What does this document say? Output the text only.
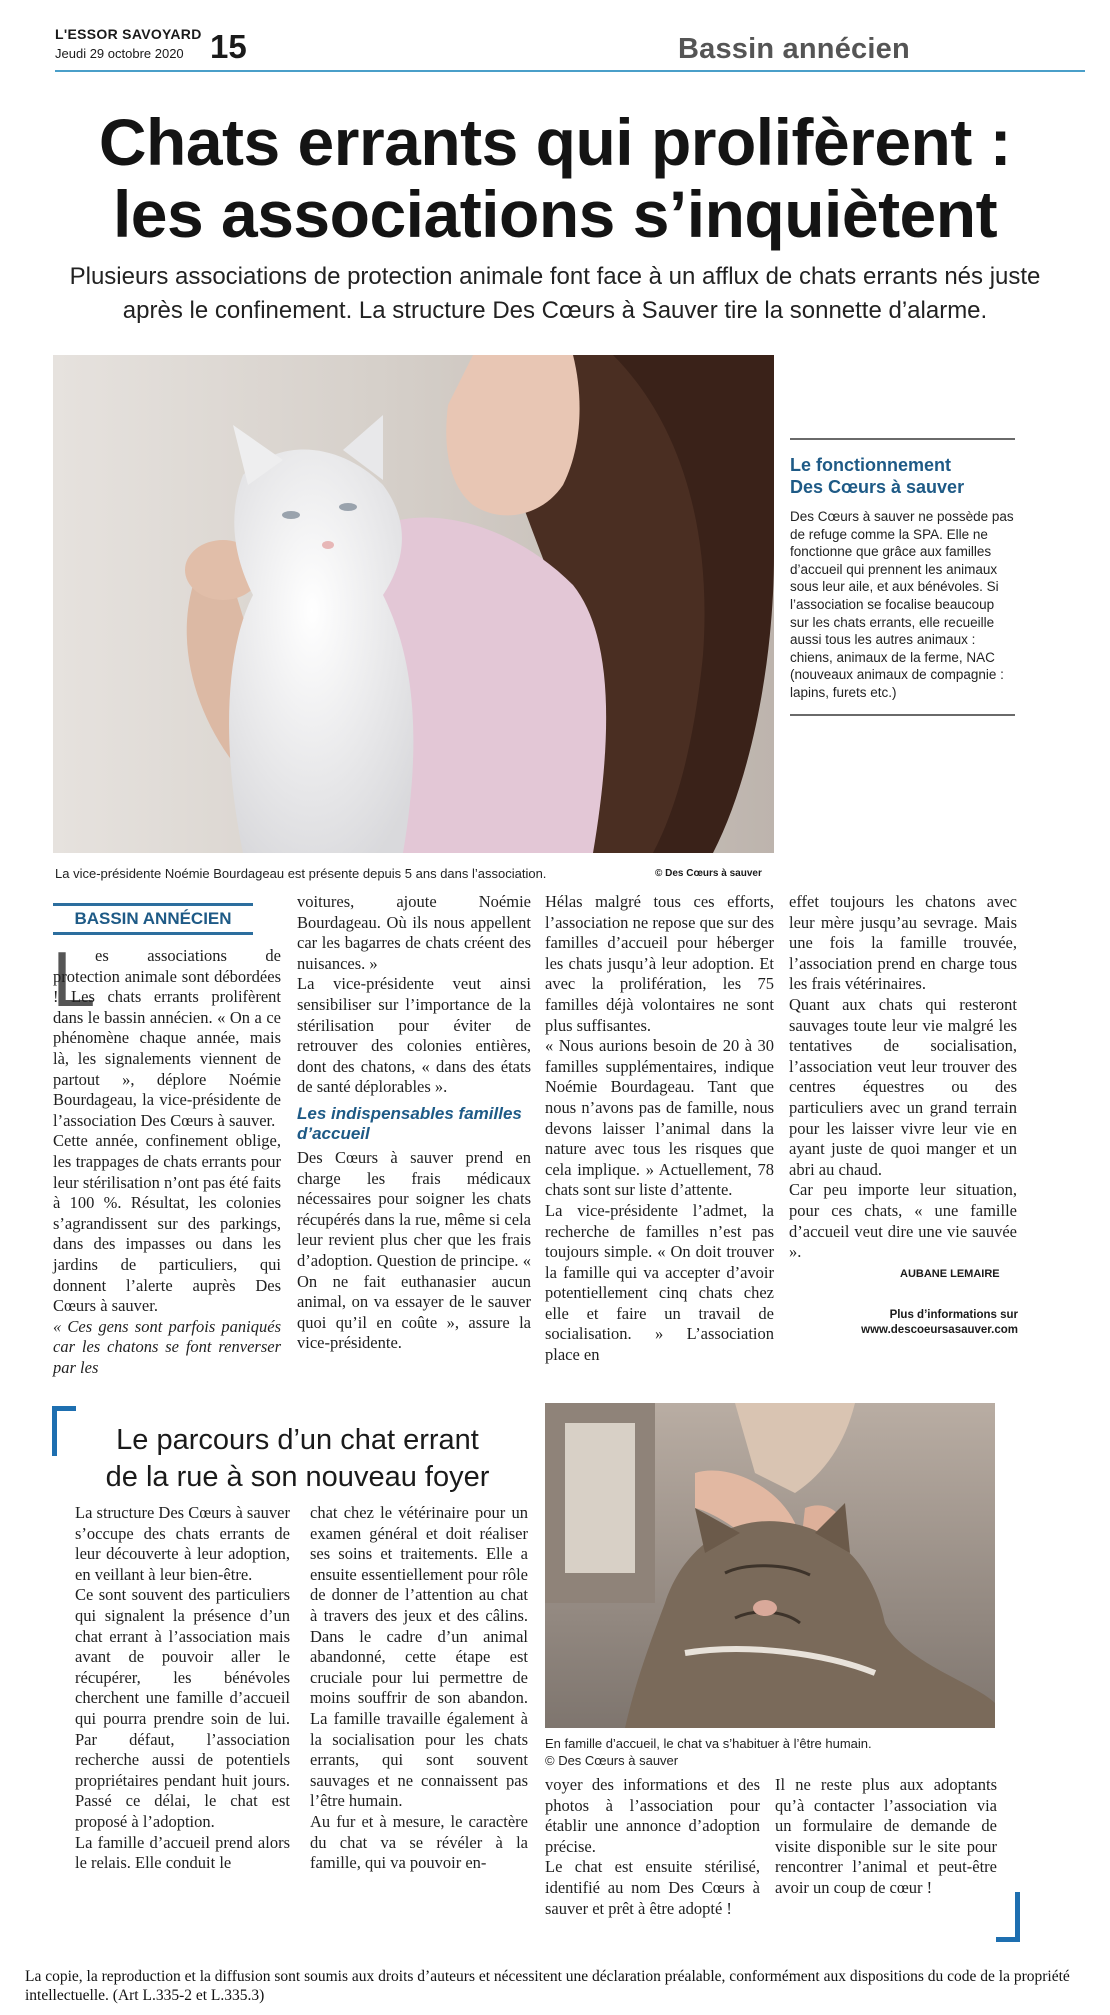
L'ESSOR SAVOYARD
Jeudi 29 octobre 2020 15	Bassin annécien
Chats errants qui prolifèrent :
les associations s’inquiètent
Plusieurs associations de protection animale font face à un afflux de chats errants nés juste après le confinement. La structure Des Cœurs à Sauver tire la sonnette d’alarme.
La vice-présidente Noémie Bourdageau est présente depuis 5 ans dans l’association.	© Des Cœurs à sauver
Le fonctionnement
Des Cœurs à sauver
Des Cœurs à sauver ne possède pas de refuge comme la SPA. Elle ne fonctionne que grâce aux familles d’accueil qui prennent les animaux sous leur aile, et aux bénévoles. Si l’association se focalise beaucoup sur les chats errants, elle recueille aussi tous les autres animaux : chiens, animaux de la ferme, NAC (nouveaux animaux de compagnie : lapins, furets etc.)
BASSIN ANNÉCIEN
L es associations de protection animale sont débordées ! Les chats errants prolifèrent dans le bassin annécien. « On a ce phénomène chaque année, mais là, les signalements viennent de partout », déplore Noémie Bourdageau, la vice-présidente de l’association Des Cœurs à sauver.

Cette année, confinement oblige, les trappages de chats errants pour leur stérilisation n’ont pas été faits à 100 %. Résultat, les colonies s’agrandissent sur des parkings, dans des impasses ou dans les jardins de particuliers, qui donnent l’alerte auprès Des Cœurs à sauver.

« Ces gens sont parfois paniqués car les chatons se font renverser par les

voitures, ajoute Noémie Bourdageau. Où ils nous appellent car les bagarres de chats créent des nuisances. »

La vice-présidente veut ainsi sensibiliser sur l’importance de la stérilisation pour éviter de retrouver des colonies entières, dont des chatons, « dans des états de santé déplorables ».

Les indispensables familles d’accueil

Des Cœurs à sauver prend en charge les frais médicaux nécessaires pour soigner les chats récupérés dans la rue, même si cela leur revient plus cher que les frais d’adoption. Question de principe. « On ne fait euthanasier aucun animal, on va essayer de le sauver quoi qu’il en coûte », assure la vice-présidente.

Hélas malgré tous ces efforts, l’association ne repose que sur des familles d’accueil pour héberger les chats jusqu’à leur adoption. Et avec la prolifération, les 75 familles déjà volontaires ne sont plus suffisantes.

« Nous aurions besoin de 20 à 30 familles supplémentaires, indique Noémie Bourdageau. Tant que nous n’avons pas de famille, nous devons laisser l’animal dans la nature avec tous les risques que cela implique. » Actuellement, 78 chats sont sur liste d’attente.

La vice-présidente l’admet, la recherche de familles n’est pas toujours simple. « On doit trouver la famille qui va accepter d’avoir potentiellement cinq chats chez elle et faire un travail de socialisation. » L’association place en

effet toujours les chatons avec leur mère jusqu’au sevrage. Mais une fois la famille trouvée, l’association prend en charge tous les frais vétérinaires.

Quant aux chats qui resteront sauvages toute leur vie malgré les tentatives de socialisation, l’association veut leur trouver des centres équestres ou des particuliers avec un grand terrain pour les laisser vivre leur vie en ayant juste de quoi manger et un abri au chaud.

Car peu importe leur situation, pour ces chats, « une famille d’accueil veut dire une vie sauvée ».

AUBANE LEMAIRE
Plus d’informations sur
www.descoeursasauver.com
Le parcours d’un chat errant
de la rue à son nouveau foyer

La structure Des Cœurs à sauver s’occupe des chats errants de leur découverte à leur adoption, en veillant à leur bien-être.

Ce sont souvent des particuliers qui signalent la présence d’un chat errant à l’association mais avant de pouvoir aller le récupérer, les bénévoles cherchent une famille d’accueil qui pourra prendre soin de lui. Par défaut, l’association recherche aussi de potentiels propriétaires pendant huit jours. Passé ce délai, le chat est proposé à l’adoption.

La famille d’accueil prend alors le relais. Elle conduit le

chat chez le vétérinaire pour un examen général et doit réaliser ses soins et traitements. Elle a ensuite essentiellement pour rôle de donner de l’attention au chat à travers des jeux et des câlins. Dans le cadre d’un animal abandonné, cette étape est cruciale pour lui permettre de moins souffrir de son abandon. La famille travaille également à la socialisation pour les chats errants, qui sont souvent sauvages et ne connaissent pas l’être humain.

Au fur et à mesure, le caractère du chat va se révéler à la famille, qui va pouvoir en-

En famille d’accueil, le chat va s’habituer à l’être humain.
© Des Cœurs à sauver

voyer des informations et des photos à l’association pour établir une annonce d’adoption précise.

Le chat est ensuite stérilisé, identifié au nom Des Cœurs à sauver et prêt à être adopté !

Il ne reste plus aux adoptants qu’à contacter l’association via un formulaire de demande de visite disponible sur le site pour rencontrer l’animal et peut-être avoir un coup de cœur !

La copie, la reproduction et la diffusion sont soumis aux droits d’auteurs et nécessitent une déclaration préalable, conformément aux dispositions du code de la propriété intellectuelle. (Art L.335-2 et L.335.3)
